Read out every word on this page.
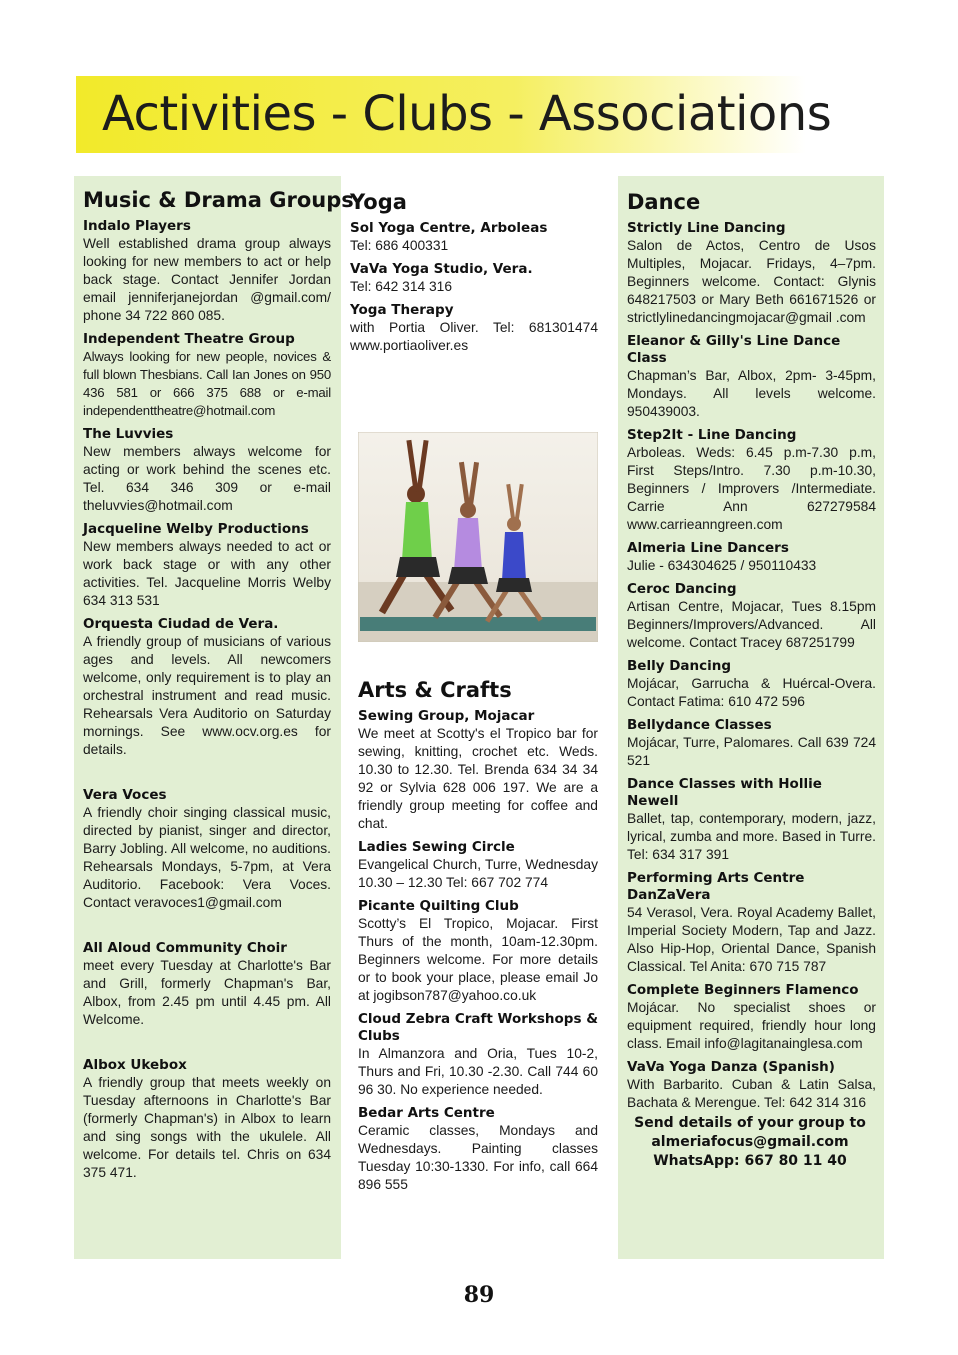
Activities - Clubs - Associations
Music & Drama Groups
Indalo Players
Well established drama group always looking for new members to act or help back stage. Contact Jennifer Jordan email jenniferjanejordan @gmail.com/ phone 34 722 860 085.
Independent Theatre Group
Always looking for new people, novices & full blown Thesbians. Call Ian Jones on 950 436 581 or 666 375 688 or e-mail independenttheatre@hotmail.com
The Luvvies
New members always welcome for acting or work behind the scenes etc. Tel. 634 346 309 or e-mail theluvvies@hotmail.com
Jacqueline Welby Productions
New members always needed to act or work back stage or with any other activities. Tel. Jacqueline Morris Welby 634 313 531
Orquesta Ciudad de Vera.
A friendly group of musicians of various ages and levels. All newcomers welcome, only requirement is to play an orchestral instrument and read music. Rehearsals Vera Auditorio on Saturday mornings. See www.ocv.org.es for details.
Vera Voces
A friendly choir singing classical music, directed by pianist, singer and director, Barry Jobling. All welcome, no auditions. Rehearsals Mondays, 5-7pm, at Vera Auditorio. Facebook: Vera Voces. Contact veravoces1@gmail.com
All Aloud Community Choir
meet every Tuesday at Charlotte's Bar and Grill, formerly Chapman's Bar, Albox, from 2.45 pm until 4.45 pm. All Welcome.
Albox Ukebox
A friendly group that meets weekly on Tuesday afternoons in Charlotte's Bar (formerly Chapman's) in Albox to learn and sing songs with the ukulele. All welcome. For details tel. Chris on 634 375 471.
Yoga
Sol Yoga Centre, Arboleas
Tel: 686 400331
VaVa Yoga Studio, Vera.
Tel: 642 314 316
Yoga Therapy
with Portia Oliver. Tel: 681301474 www.portiaoliver.es
Arts & Crafts
Sewing Group, Mojacar
We meet at Scotty's el Tropico bar for sewing, knitting, crochet etc. Weds. 10.30 to 12.30. Tel. Brenda 634 34 34 92 or Sylvia 628 006 197. We are a friendly group meeting for coffee and chat.
Ladies Sewing Circle
Evangelical Church, Turre, Wednesday 10.30 – 12.30 Tel: 667 702 774
Picante Quilting Club
Scotty’s El Tropico, Mojacar. First Thurs of the month, 10am-12.30pm. Beginners welcome. For more details or to book your place, please email Jo at jogibson787@yahoo.co.uk
Cloud Zebra Craft Workshops & Clubs
In Almanzora and Oria, Tues 10-2, Thurs and Fri, 10.30 -2.30. Call 744 60 96 30. No experience needed.
Bedar Arts Centre
Ceramic classes, Mondays and Wednesdays. Painting classes Tuesday 10:30-1330. For info, call 664 896 555
Dance
Strictly Line Dancing
Salon de Actos, Centro de Usos Multiples, Mojacar. Fridays, 4–7pm. Beginners welcome. Contact: Glynis 648217503 or Mary Beth 661671526 or strictlylinedancingmojacar@gmail .com
Eleanor & Gilly's Line Dance Class
Chapman’s Bar, Albox, 2pm- 3-45pm, Mondays. All levels welcome. 950439003.
Step2It - Line Dancing
Arboleas. Weds: 6.45 p.m-7.30 p.m, First Steps/Intro. 7.30 p.m-10.30, Beginners / Improvers /Intermediate. Carrie Ann 627279584 www.carrieanngreen.com
Almeria Line Dancers
Julie - 634304625 / 950110433
Ceroc Dancing
Artisan Centre, Mojacar, Tues 8.15pm Beginners/Improvers/Advanced. All welcome. Contact Tracey 687251799
Belly Dancing
Mojácar, Garrucha & Huércal-Overa. Contact Fatima: 610 472 596
Bellydance Classes
Mojácar, Turre, Palomares. Call 639 724 521
Dance Classes with Hollie Newell
Ballet, tap, contemporary, modern, jazz, lyrical, zumba and more. Based in Turre. Tel: 634 317 391
Performing Arts Centre DanZaVera
54 Verasol, Vera. Royal Academy Ballet, Imperial Society Modern, Tap and Jazz. Also Hip-Hop, Oriental Dance, Spanish Classical. Tel Anita: 670 715 787
Complete Beginners Flamenco
Mojácar. No specialist shoes or equipment required, friendly hour long class. Email info@lagitanainglesa.com
VaVa Yoga Danza (Spanish)
With Barbarito. Cuban & Latin Salsa, Bachata & Merengue. Tel: 642 314 316
Send details of your group to
almeriafocus@gmail.com
WhatsApp: 667 80 11 40
89
